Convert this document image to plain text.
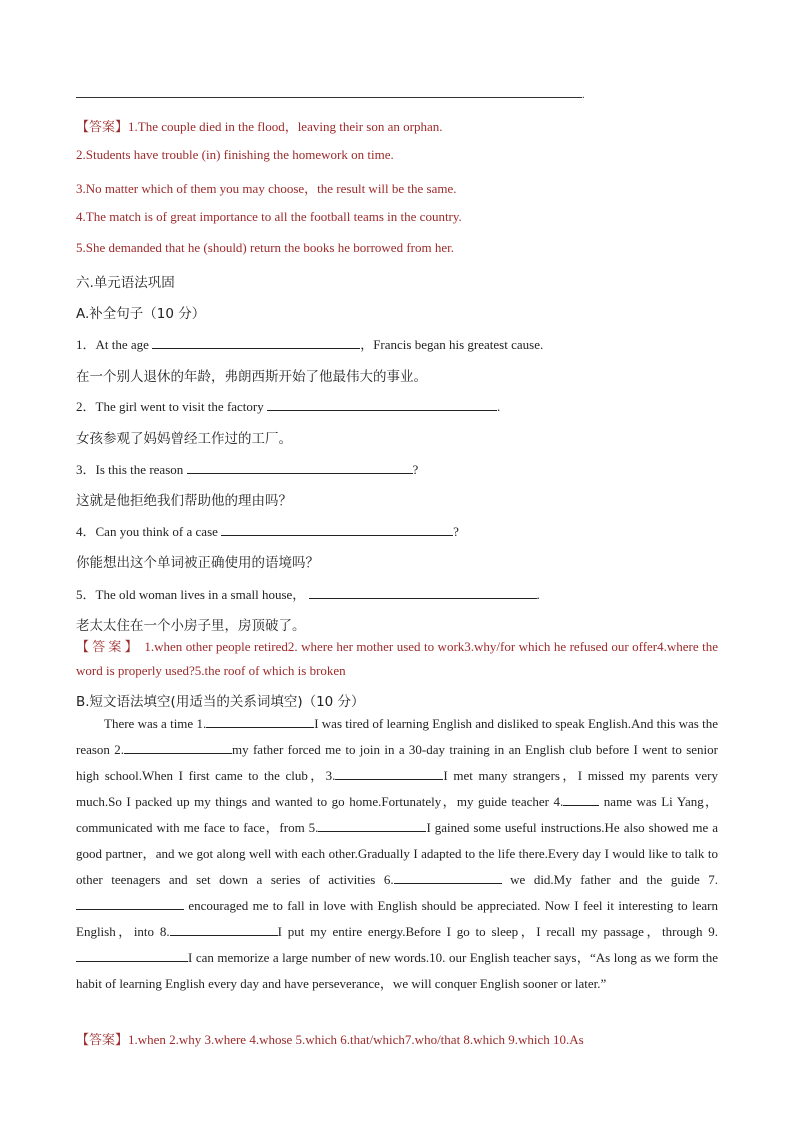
.
【答案】1.The couple died in the flood，leaving their son an orphan.
2.Students have trouble (in) finishing the homework on time.
3.No matter which of them you may choose，the result will be the same.
4.The match is of great importance to all the football teams in the country.
5.She demanded that he (should) return the books he borrowed from her.
六.单元语法巩固
A.补全句子（10 分）
1．At the age	，Francis began his greatest cause.
在一个别人退休的年龄，弗朗西斯开始了他最伟大的事业。
2．The girl went to visit the factory	.
女孩参观了妈妈曾经工作过的工厂。
3．Is this the reason	?
这就是他拒绝我们帮助他的理由吗？
4．Can you think of a case	?
你能想出这个单词被正确使用的语境吗？
5．The old woman lives in a small house，	.
老太太住在一个小房子里，房顶破了。
【答案】 1.when other people retired2. where her mother used to work3.why/for which he refused our offer4.where the word is properly used?5.the roof of which is broken
B.短文语法填空(用适当的关系词填空)（10 分）

There was a time 1.	I was tired of learning English and disliked to speak English.And this was the reason 2.	my father forced me to join in a 30-day training in an English club before I went to senior high school.When I first came to the club，3.	I met many strangers，I missed my parents very much.So I packed up my things and wanted to go home.Fortunately，my guide teacher 4.	name was Li Yang，communicated with me face to face，from 5.	I gained some useful instructions.He also showed me a good partner，and we got along well with each other.Gradually I adapted to the life there.Every day I would like to talk to other teenagers and set down a series of activities 6.	we did.My father and the guide 7. encouraged me to fall in love with English should be appreciated. Now I feel it interesting to learn English，into 8.	I put my entire energy.Before I go to sleep，I recall my passage，through 9.I can memorize a large number of new words.10. our English teacher says，“As long as we form the habit of learning English every day and have perseverance，we will conquer English sooner or later.”

【答案】1.when 2.why 3.where 4.whose 5.which 6.that/which7.who/that 8.which 9.which 10.As
